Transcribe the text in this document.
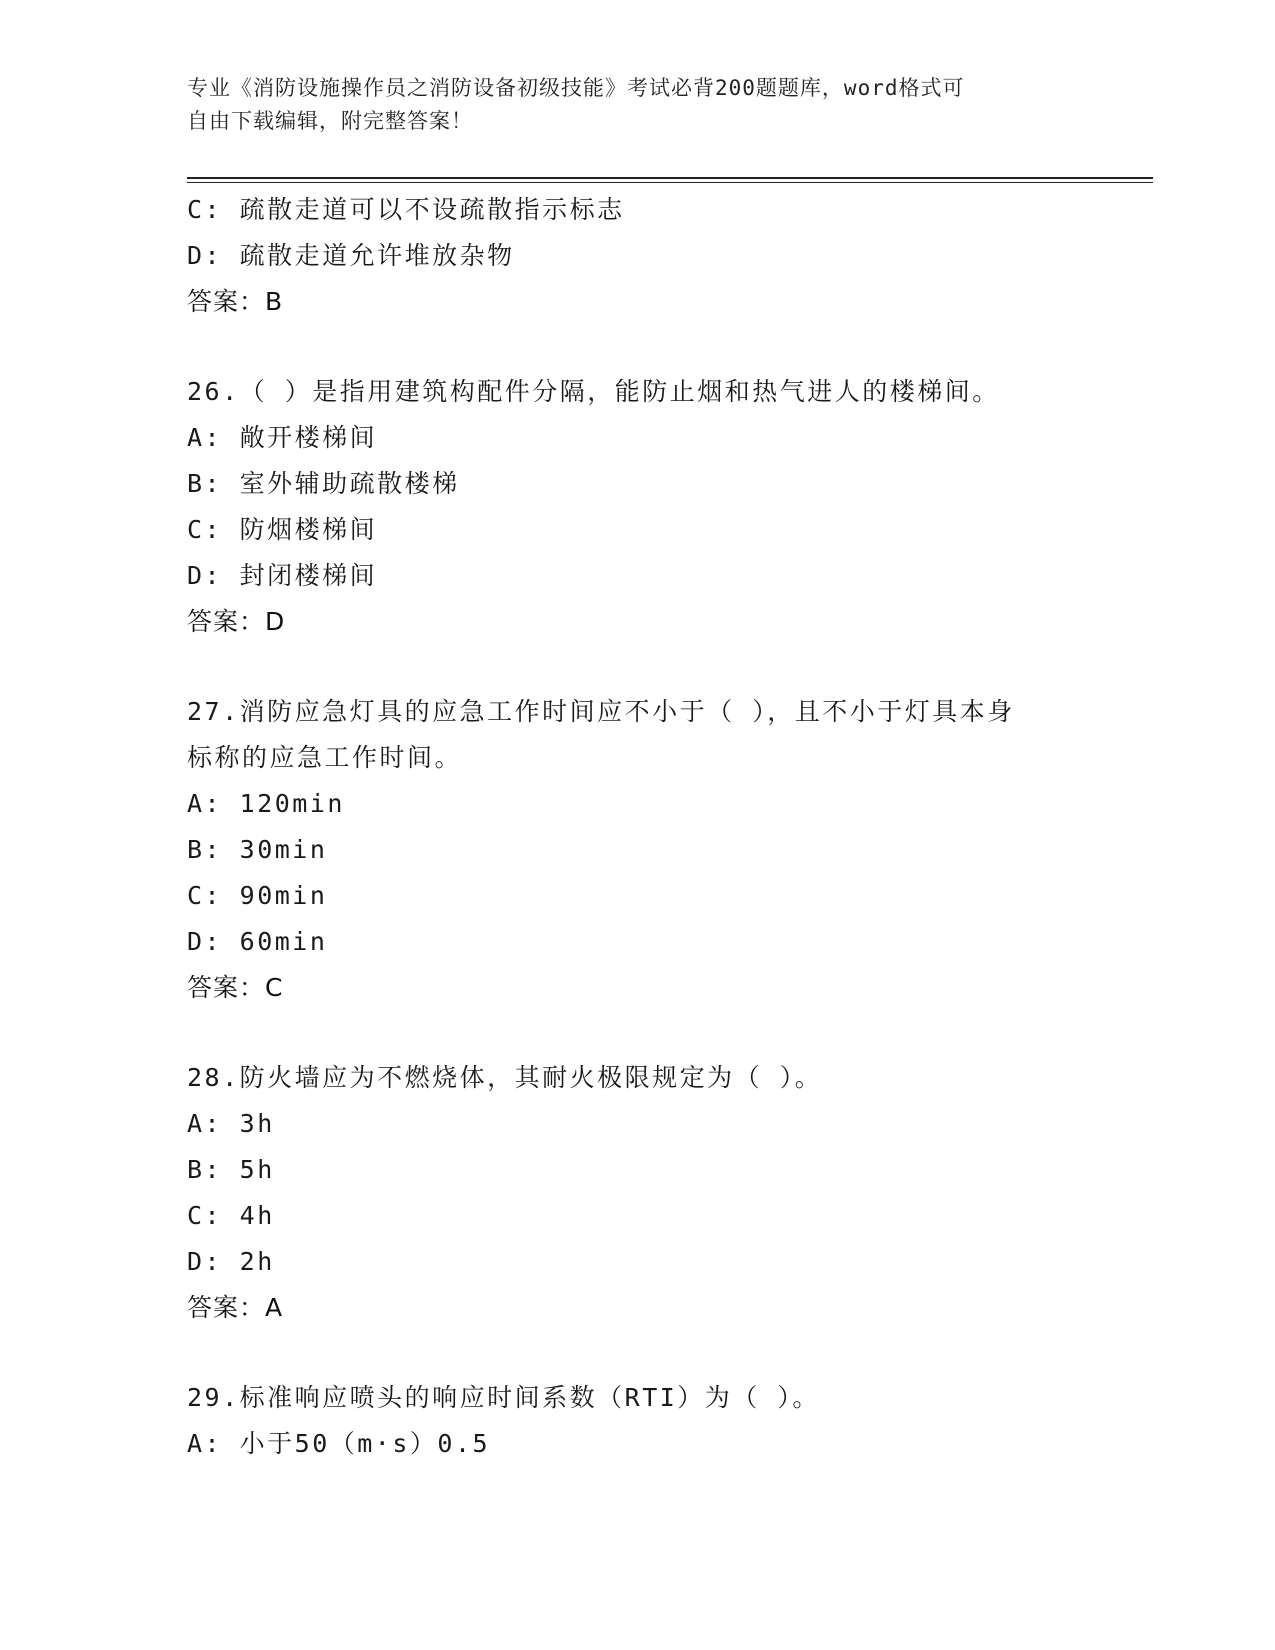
专业《消防设施操作员之消防设备初级技能》考试必背200题题库，word格式可
自由下载编辑，附完整答案！
C: 疏散走道可以不设疏散指示标志
D: 疏散走道允许堆放杂物
答案：B
26.（ ）是指用建筑构配件分隔，能防止烟和热气进人的楼梯间。
A: 敞开楼梯间
B: 室外辅助疏散楼梯
C: 防烟楼梯间
D: 封闭楼梯间
答案：D
27.消防应急灯具的应急工作时间应不小于（ ），且不小于灯具本身
标称的应急工作时间。
A: 120min
B: 30min
C: 90min
D: 60min
答案：C
28.防火墙应为不燃烧体，其耐火极限规定为（ ）。
A: 3h
B: 5h
C: 4h
D: 2h
答案：A
29.标准响应喷头的响应时间系数（RTI）为（ ）。
A: 小于50（m·s）0.5
